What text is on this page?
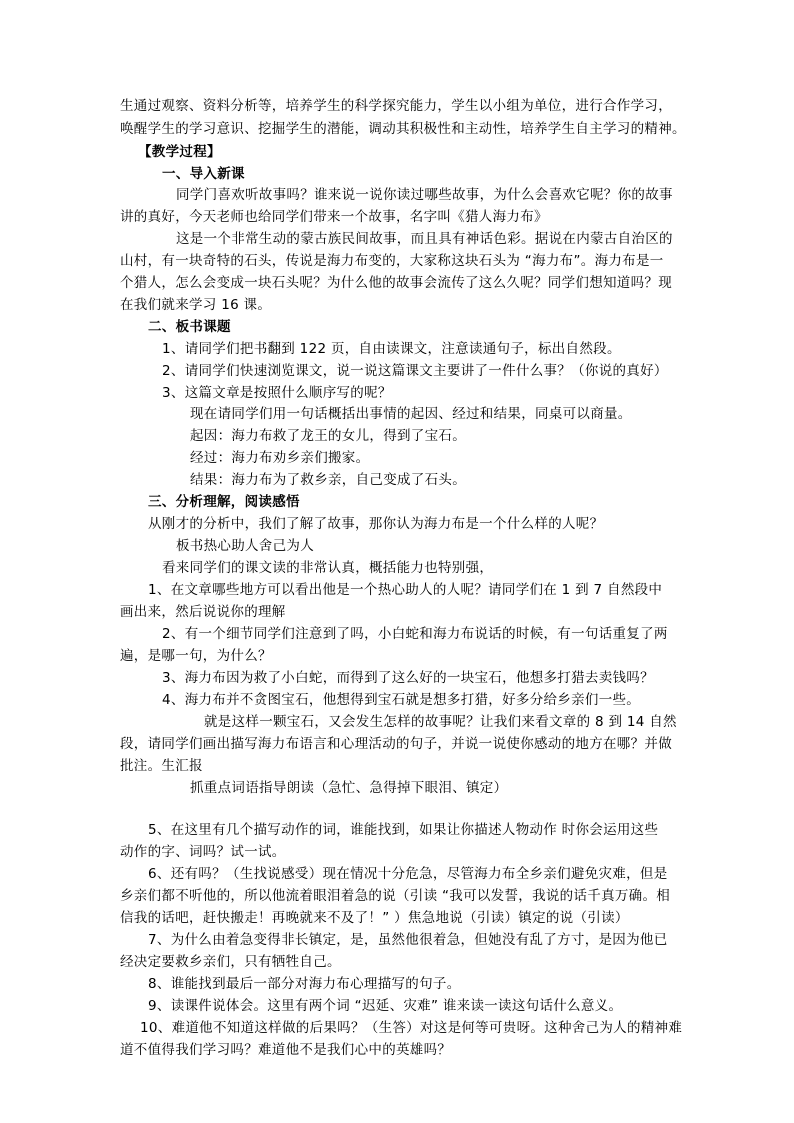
生通过观察、资料分析等，培养学生的科学探究能力，学生以小组为单位，进行合作学习，
唤醒学生的学习意识、挖掘学生的潜能，调动其积极性和主动性，培养学生自主学习的精神。
【教学过程】
一、导入新课
同学门喜欢听故事吗？谁来说一说你读过哪些故事，为什么会喜欢它呢？你的故事
讲的真好，今天老师也给同学们带来一个故事，名字叫《猎人海力布》
这是一个非常生动的蒙古族民间故事，而且具有神话色彩。据说在内蒙古自治区的
山村，有一块奇特的石头，传说是海力布变的，大家称这块石头为 “海力布”。海力布是一
个猎人，怎么会变成一块石头呢？为什么他的故事会流传了这么久呢？同学们想知道吗？现
在我们就来学习 16 课。
二、板书课题
1、请同学们把书翻到 122 页，自由读课文，注意读通句子，标出自然段。
2、请同学们快速浏览课文，说一说这篇课文主要讲了一件什么事？（你说的真好）
3、这篇文章是按照什么顺序写的呢？
现在请同学们用一句话概括出事情的起因、经过和结果，同桌可以商量。
起因：海力布救了龙王的女儿，得到了宝石。
经过：海力布劝乡亲们搬家。
结果：海力布为了救乡亲，自己变成了石头。
三、分析理解，阅读感悟
从刚才的分析中，我们了解了故事，那你认为海力布是一个什么样的人呢？
板书热心助人舍己为人
看来同学们的课文读的非常认真，概括能力也特别强，
1、在文章哪些地方可以看出他是一个热心助人的人呢？请同学们在 1 到 7 自然段中
画出来，然后说说你的理解
2、有一个细节同学们注意到了吗，小白蛇和海力布说话的时候，有一句话重复了两
遍，是哪一句，为什么？
3、海力布因为救了小白蛇，而得到了这么好的一块宝石，他想多打猎去卖钱吗？
4、海力布并不贪图宝石，他想得到宝石就是想多打猎，好多分给乡亲们一些。
就是这样一颗宝石，又会发生怎样的故事呢？让我们来看文章的 8 到 14 自然
段，请同学们画出描写海力布语言和心理活动的句子，并说一说使你感动的地方在哪？并做
批注。生汇报
抓重点词语指导朗读（急忙、急得掉下眼泪、镇定）
5、在这里有几个描写动作的词，谁能找到，如果让你描述人物动作 时你会运用这些
动作的字、词吗？试一试。
6、还有吗？（生找说感受）现在情况十分危急，尽管海力布全乡亲们避免灾难，但是
乡亲们都不听他的，所以他流着眼泪着急的说（引读 “我可以发誓，我说的话千真万确。相
信我的话吧，赶快搬走！再晚就来不及了！” ）焦急地说（引读）镇定的说（引读）
7、为什么由着急变得非长镇定，是，虽然他很着急，但她没有乱了方寸，是因为他已
经决定要救乡亲们，只有牺牲自己。
8、谁能找到最后一部分对海力布心理描写的句子。
9、读课件说体会。这里有两个词 “迟延、灾难” 谁来读一读这句话什么意义。
10、难道他不知道这样做的后果吗？（生答）对这是何等可贵呀。这种舍己为人的精神难
道不值得我们学习吗？难道他不是我们心中的英雄吗？
